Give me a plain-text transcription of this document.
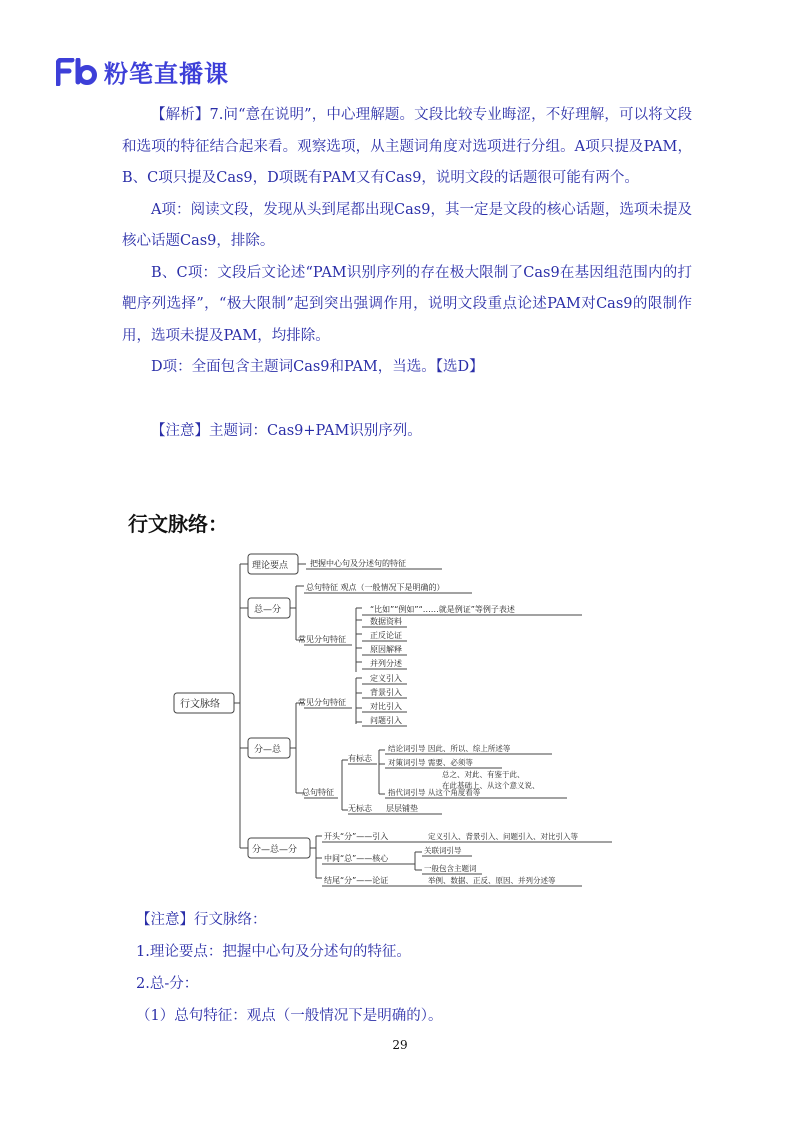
粉笔直播课

【解析】7.问“意在说明”，中心理解题。文段比较专业晦涩，不好理解，可以将文段和选项的特征结合起来看。观察选项，从主题词角度对选项进行分组。A项只提及PAM，B、C项只提及Cas9，D项既有PAM又有Cas9，说明文段的话题很可能有两个。

A项：阅读文段，发现从头到尾都出现Cas9，其一定是文段的核心话题，选项未提及核心话题Cas9，排除。

B、C项：文段后文论述“PAM识别序列的存在极大限制了Cas9在基因组范围内的打靶序列选择”，“极大限制”起到突出强调作用，说明文段重点论述PAM对Cas9的限制作用，选项未提及PAM，均排除。

D项：全面包含主题词Cas9和PAM，当选。【选D】

【注意】主题词：Cas9+PAM识别序列。

行文脉络：
行文脉络
理论要点	把握中心句及分述句的特征
总—分
总句特征 观点（一般情况下是明确的）
常见分句特征
“比如”“例如”“……就是例证”等例子表述
数据资料
正反论证
原因解释
并列分述
分—总
常见分句特征
定义引入
背景引入
对比引入
问题引入
总句特征
有标志
结论词引导 因此、所以、综上所述等
对策词引导 需要、必须等
总之、对此、有鉴于此、
在此基础上、从这个意义说、
指代词引导 从这个角度看等
无标志 层层铺垫
分—总—分
开头“分”——引入	定义引入、背景引入、问题引入、对比引入等
中间“总”——核心
关联词引导
一般包含主题词
结尾“分”——论证	举例、数据、正反、原因、并列分述等

【注意】行文脉络：

1.理论要点：把握中心句及分述句的特征。

2.总-分：

（1）总句特征：观点（一般情况下是明确的）。

29
